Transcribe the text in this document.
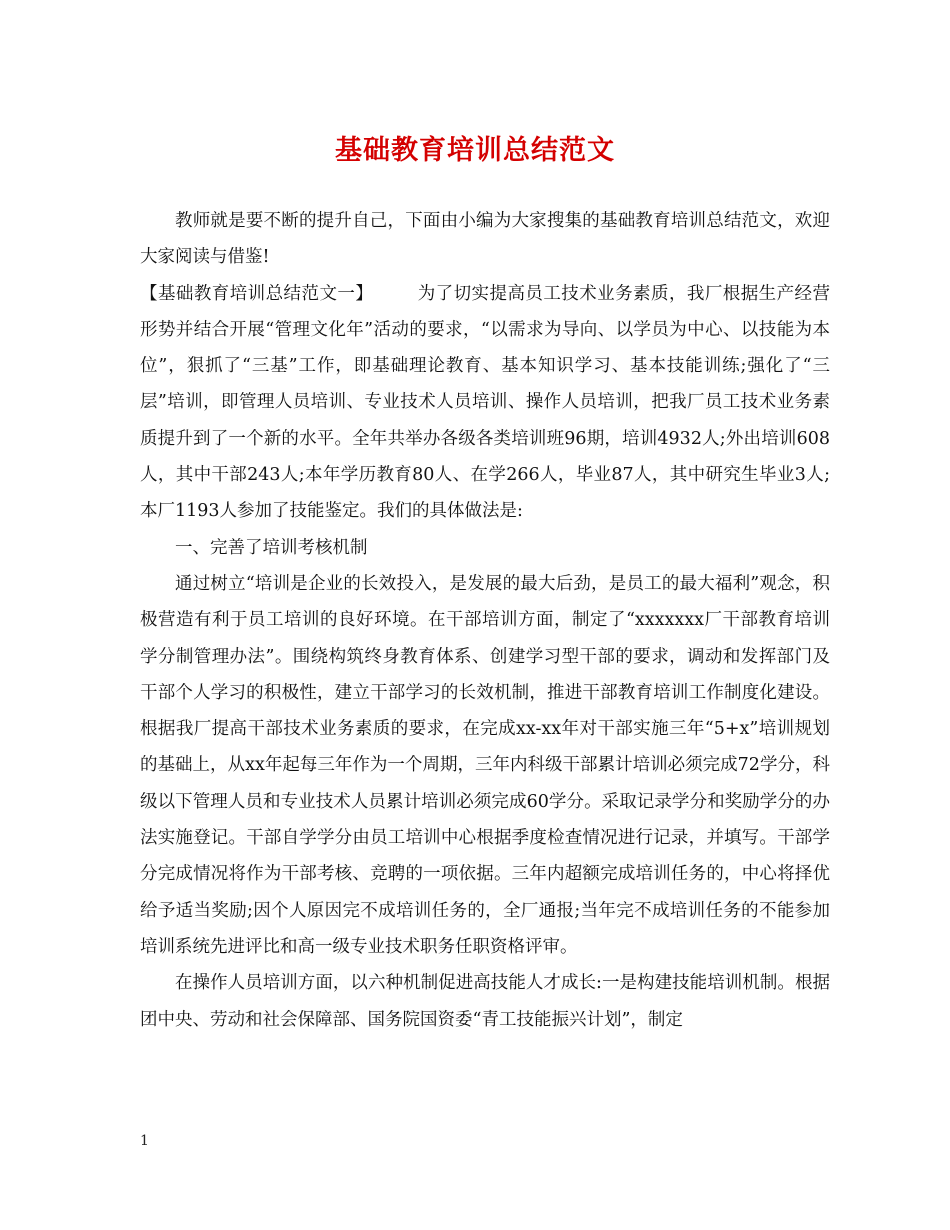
基础教育培训总结范文

教师就是要不断的提升自己，下面由小编为大家搜集的基础教育培训总结范文，欢迎大家阅读与借鉴!

【基础教育培训总结范文一】	为了切实提高员工技术业务素质，我厂根据生产经营形势并结合开展“管理文化年”活动的要求，“以需求为导向、以学员为中心、以技能为本位”，狠抓了“三基”工作，即基础理论教育、基本知识学习、基本技能训练;强化了“三层”培训，即管理人员培训、专业技术人员培训、操作人员培训，把我厂员工技术业务素质提升到了一个新的水平。全年共举办各级各类培训班96期，培训4932人;外出培训608人，其中干部243人;本年学历教育80人、在学266人，毕业87人，其中研究生毕业3人;本厂1193人参加了技能鉴定。我们的具体做法是:

一、完善了培训考核机制

通过树立“培训是企业的长效投入，是发展的最大后劲，是员工的最大福利”观念，积极营造有利于员工培训的良好环境。在干部培训方面，制定了“xxxxxxx厂干部教育培训学分制管理办法”。围绕构筑终身教育体系、创建学习型干部的要求，调动和发挥部门及干部个人学习的积极性，建立干部学习的长效机制，推进干部教育培训工作制度化建设。根据我厂提高干部技术业务素质的要求，在完成xx-xx年对干部实施三年“5+x”培训规划的基础上，从xx年起每三年作为一个周期，三年内科级干部累计培训必须完成72学分，科级以下管理人员和专业技术人员累计培训必须完成60学分。采取记录学分和奖励学分的办法实施登记。干部自学学分由员工培训中心根据季度检查情况进行记录，并填写。干部学分完成情况将作为干部考核、竞聘的一项依据。三年内超额完成培训任务的，中心将择优给予适当奖励;因个人原因完不成培训任务的，全厂通报;当年完不成培训任务的不能参加培训系统先进评比和高一级专业技术职务任职资格评审。

在操作人员培训方面，以六种机制促进高技能人才成长:一是构建技能培训机制。根据团中央、劳动和社会保障部、国务院国资委“青工技能振兴计划”，制定

1
